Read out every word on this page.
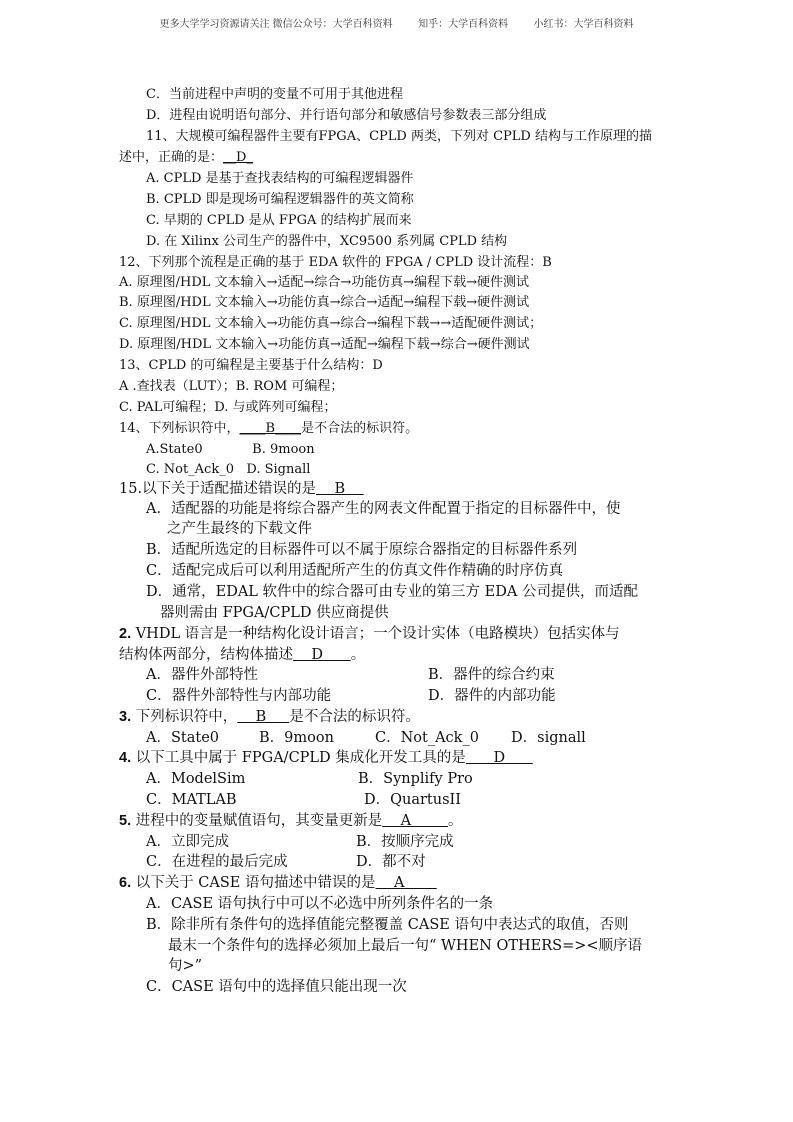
更多大学学习资源请关注 微信公众号：大学百科资料        知乎：大学百科资料        小红书：大学百科资料
C．当前进程中声明的变量不可用于其他进程
D．进程由说明语句部分、并行语句部分和敏感信号参数表三部分组成
11、大规模可编程器件主要有FPGA、CPLD 两类，下列对 CPLD 结构与工作原理的描
述中，正确的是：__D_
A. CPLD 是基于查找表结构的可编程逻辑器件
B. CPLD 即是现场可编程逻辑器件的英文简称
C. 早期的 CPLD 是从 FPGA 的结构扩展而来
D. 在 Xilinx 公司生产的器件中，XC9500 系列属 CPLD 结构
12、下列那个流程是正确的基于 EDA 软件的 FPGA / CPLD 设计流程：B
A. 原理图/HDL 文本输入→适配→综合→功能仿真→编程下载→硬件测试
B. 原理图/HDL 文本输入→功能仿真→综合→适配→编程下载→硬件测试
C. 原理图/HDL 文本输入→功能仿真→综合→编程下载→→适配硬件测试；
D. 原理图/HDL 文本输入→功能仿真→适配→编程下载→综合→硬件测试
13、CPLD 的可编程是主要基于什么结构：D
A .查找表（LUT）；B. ROM 可编程；
C. PAL可编程；D. 与或阵列可编程；
14、下列标识符中，____B____是不合法的标识符。
A.State0            B. 9moon
C. Not_Ack_0   D. Signall
15.以下关于适配描述错误的是    B
A．适配器的功能是将综合器产生的网表文件配置于指定的目标器件中，使
之产生最终的下载文件
B．适配所选定的目标器件可以不属于原综合器指定的目标器件系列
C．适配完成后可以利用适配所产生的仿真文件作精确的时序仿真
D．通常，EDAL 软件中的综合器可由专业的第三方 EDA 公司提供，而适配
器则需由 FPGA/CPLD 供应商提供
2. VHDL 语言是一种结构化设计语言；一个设计实体（电路模块）包括实体与
结构体两部分，结构体描述    D      。
A．器件外部特性	B．器件的综合约束
C．器件外部特性与内部功能	D．器件的内部功能
3. 下列标识符中，    B     是不合法的标识符。
A．State0	B．9moon	C．Not_Ack_0 D．signall
4. 以下工具中属于 FPGA/CPLD 集成化开发工具的是      D
A．ModelSim	B．Synplify Pro
C．MATLAB	D．QuartusII
5. 进程中的变量赋值语句，其变量更新是    A        。
A．立即完成	B．按顺序完成
C．在进程的最后完成	D．都不对
6. 以下关于 CASE 语句描述中错误的是    A
A．CASE 语句执行中可以不必选中所列条件名的一条
B．除非所有条件句的选择值能完整覆盖 CASE 语句中表达式的取值，否则
最末一个条件句的选择必须加上最后一句“ WHEN OTHERS=><顺序语
句>”
C．CASE 语句中的选择值只能出现一次
